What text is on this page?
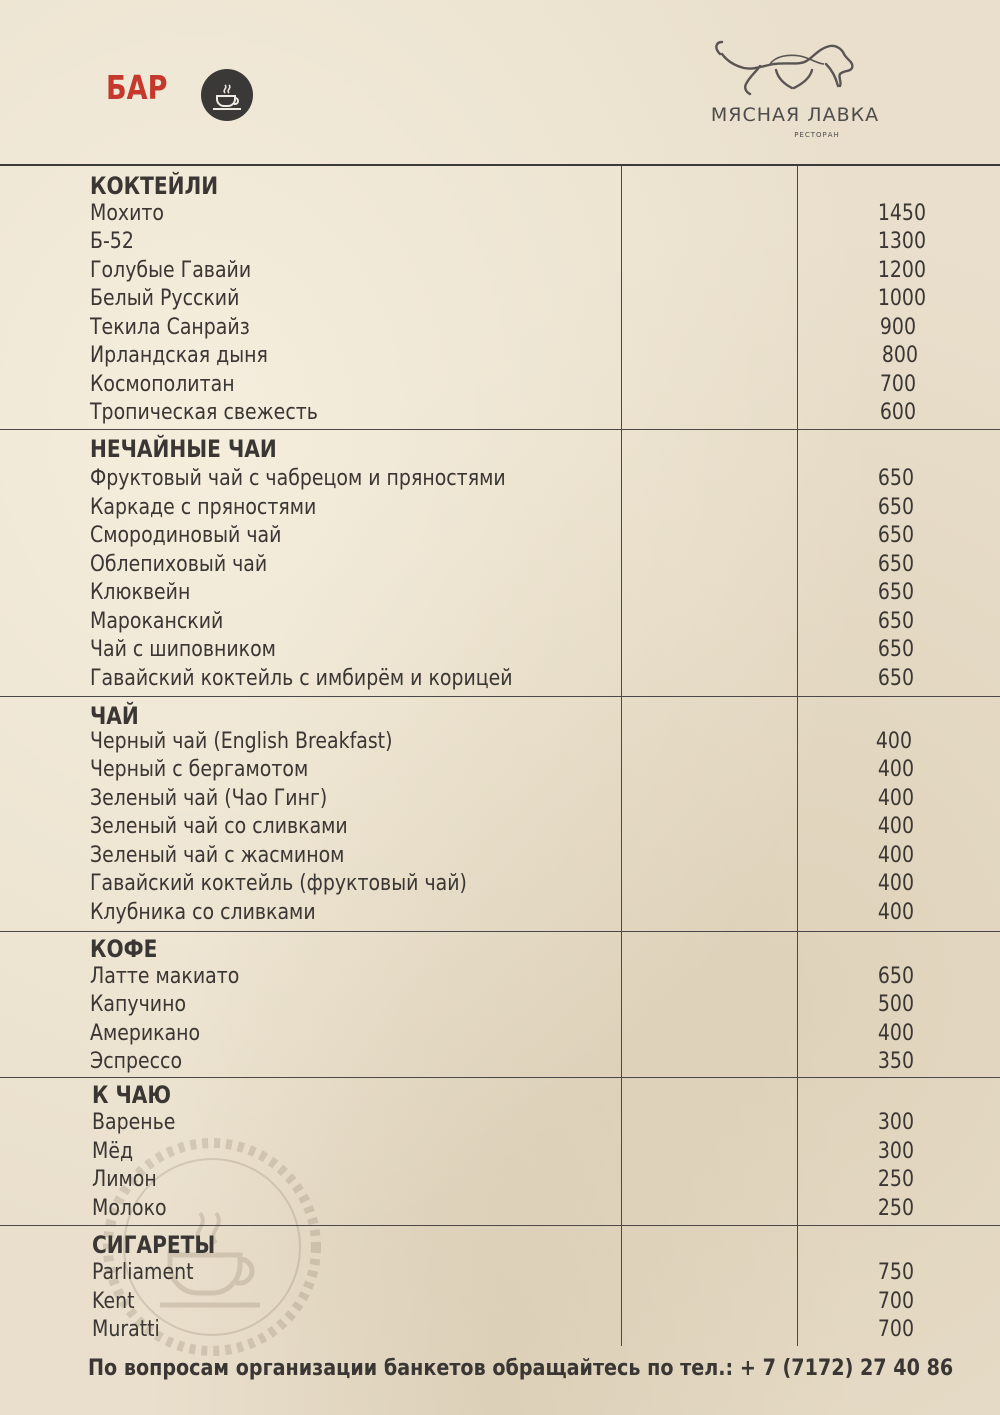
БАР
МЯСНАЯ ЛАВКА
РЕСТОРАН
КОКТЕЙЛИ
Мохито	1450
Б-52	1300
Голубые Гавайи	1200
Белый Русский	1000
Текила Санрайз	900
Ирландская дыня	800
Космополитан	700
Тропическая свежесть	600
НЕЧАЙНЫЕ ЧАИ
Фруктовый чай с чабрецом и пряностями	650
Каркаде с пряностями	650
Смородиновый чай	650
Облепиховый чай	650
Клюквейн	650
Мароканский	650
Чай с шиповником	650
Гавайский коктейль с имбирём и корицей	650
ЧАЙ
Черный чай (English Breakfast)	400
Черный с бергамотом	400
Зеленый чай (Чао Гинг)	400
Зеленый чай со сливками	400
Зеленый чай с жасмином	400
Гавайский коктейль (фруктовый чай)	400
Клубника со сливками	400
КОФЕ
Латте макиато	650
Капучино	500
Американо	400
Эспрессо	350
К ЧАЮ
Варенье	300
Мёд	300
Лимон	250
Молоко	250
СИГАРЕТЫ
Parliament	750
Kent	700
Muratti	700
По вопросам организации банкетов обращайтесь по тел.: + 7 (7172) 27 40 86
